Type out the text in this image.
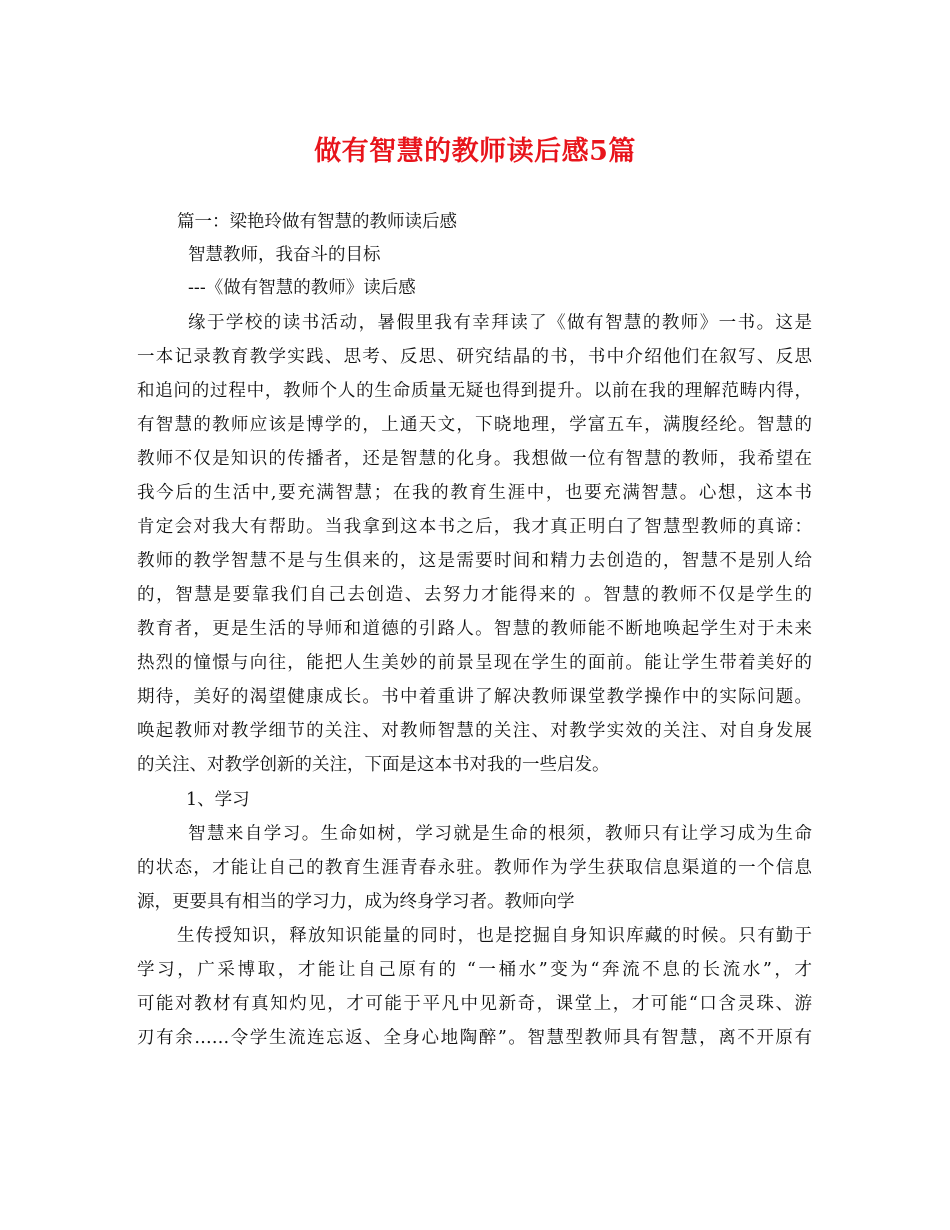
做有智慧的教师读后感5篇
篇一：梁艳玲做有智慧的教师读后感
智慧教师，我奋斗的目标
---《做有智慧的教师》读后感
缘于学校的读书活动，暑假里我有幸拜读了《做有智慧的教师》一书。这是
一本记录教育教学实践、思考、反思、研究结晶的书，书中介绍他们在叙写、反思
和追问的过程中，教师个人的生命质量无疑也得到提升。以前在我的理解范畴内得，
有智慧的教师应该是博学的，上通天文，下晓地理，学富五车，满腹经纶。智慧的
教师不仅是知识的传播者，还是智慧的化身。我想做一位有智慧的教师，我希望在
我今后的生活中,要充满智慧；在我的教育生涯中，也要充满智慧。心想，这本书
肯定会对我大有帮助。当我拿到这本书之后，我才真正明白了智慧型教师的真谛：
教师的教学智慧不是与生俱来的，这是需要时间和精力去创造的，智慧不是别人给
的，智慧是要靠我们自己去创造、去努力才能得来的 。智慧的教师不仅是学生的
教育者，更是生活的导师和道德的引路人。智慧的教师能不断地唤起学生对于未来
热烈的憧憬与向往，能把人生美妙的前景呈现在学生的面前。能让学生带着美好的
期待，美好的渴望健康成长。书中着重讲了解决教师课堂教学操作中的实际问题。
唤起教师对教学细节的关注、对教师智慧的关注、对教学实效的关注、对自身发展
的关注、对教学创新的关注，下面是这本书对我的一些启发。
1、学习
智慧来自学习。生命如树，学习就是生命的根须，教师只有让学习成为生命
的状态，才能让自己的教育生涯青春永驻。教师作为学生获取信息渠道的一个信息
源，更要具有相当的学习力，成为终身学习者。教师向学
生传授知识，释放知识能量的同时，也是挖掘自身知识库藏的时候。只有勤于
学习，广采博取，才能让自己原有的 “一桶水”变为“奔流不息的长流水”，才
可能对教材有真知灼见，才可能于平凡中见新奇，课堂上，才可能“口含灵珠、游
刃有余……令学生流连忘返、全身心地陶醉”。智慧型教师具有智慧，离不开原有
